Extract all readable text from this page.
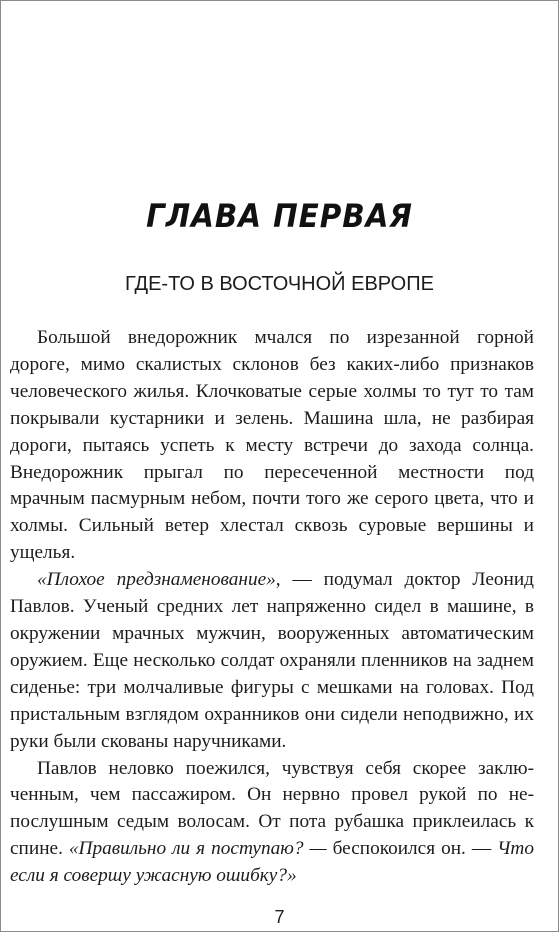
ГЛАВА ПЕРВАЯ
ГДЕ-ТО В ВОСТОЧНОЙ ЕВРОПЕ

Большой внедорожник мчался по изрезанной горной дороге, мимо скалистых склонов без каких-либо признаков человеческого жилья. Клочковатые серые холмы то тут то там покрывали кустарники и зелень. Машина шла, не разбирая дороги, пытаясь успеть к месту встречи до захода солнца. Внедорожник прыгал по пересеченной местности под мрачным пасмурным небом, почти того же серого цвета, что и холмы. Сильный ветер хлестал сквозь суровые вершины и ущелья.

«Плохое предзнаменование», — подумал доктор Леонид Павлов. Ученый средних лет напряженно сидел в машине, в окружении мрачных мужчин, вооруженных автоматическим оружием. Еще несколько солдат охраняли пленников на заднем сиденье: три молчаливые фигуры с мешками на головах. Под пристальным взглядом охранников они сидели неподвижно, их руки были скованы наручниками.

Павлов неловко поежился, чувствуя себя скорее заключенным, чем пассажиром. Он нервно провел рукой по непослушным седым волосам. От пота рубашка приклеилась к спине. «Правильно ли я поступаю? — беспокоился он. — Что если я совершу ужасную ошибку?»

7
